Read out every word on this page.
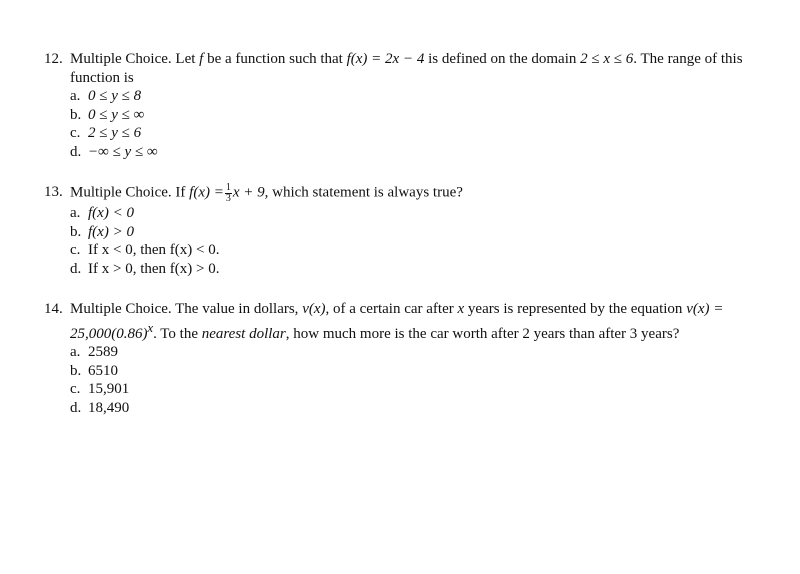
12. Multiple Choice. Let f be a function such that f(x) = 2x − 4 is defined on the domain 2 ≤ x ≤ 6. The range of this function is
a. 0 ≤ y ≤ 8
b. 0 ≤ y ≤ ∞
c. 2 ≤ y ≤ 6
d. −∞ ≤ y ≤ ∞
13. Multiple Choice. If $f(x) = \frac{1}{3}$ x + 9, which statement is always true?
a. f(x) < 0
b. f(x) > 0
c. If x < 0, then f(x) < 0.
d. If x > 0, then f(x) > 0.
14. Multiple Choice. The value in dollars, v(x), of a certain car after x years is represented by the equation $v(x) = 25,000(0.86)^x$. To the nearest dollar, how much more is the car worth after 2 years than after 3 years?
a. 2589
b. 6510
c. 15,901
d. 18,490
